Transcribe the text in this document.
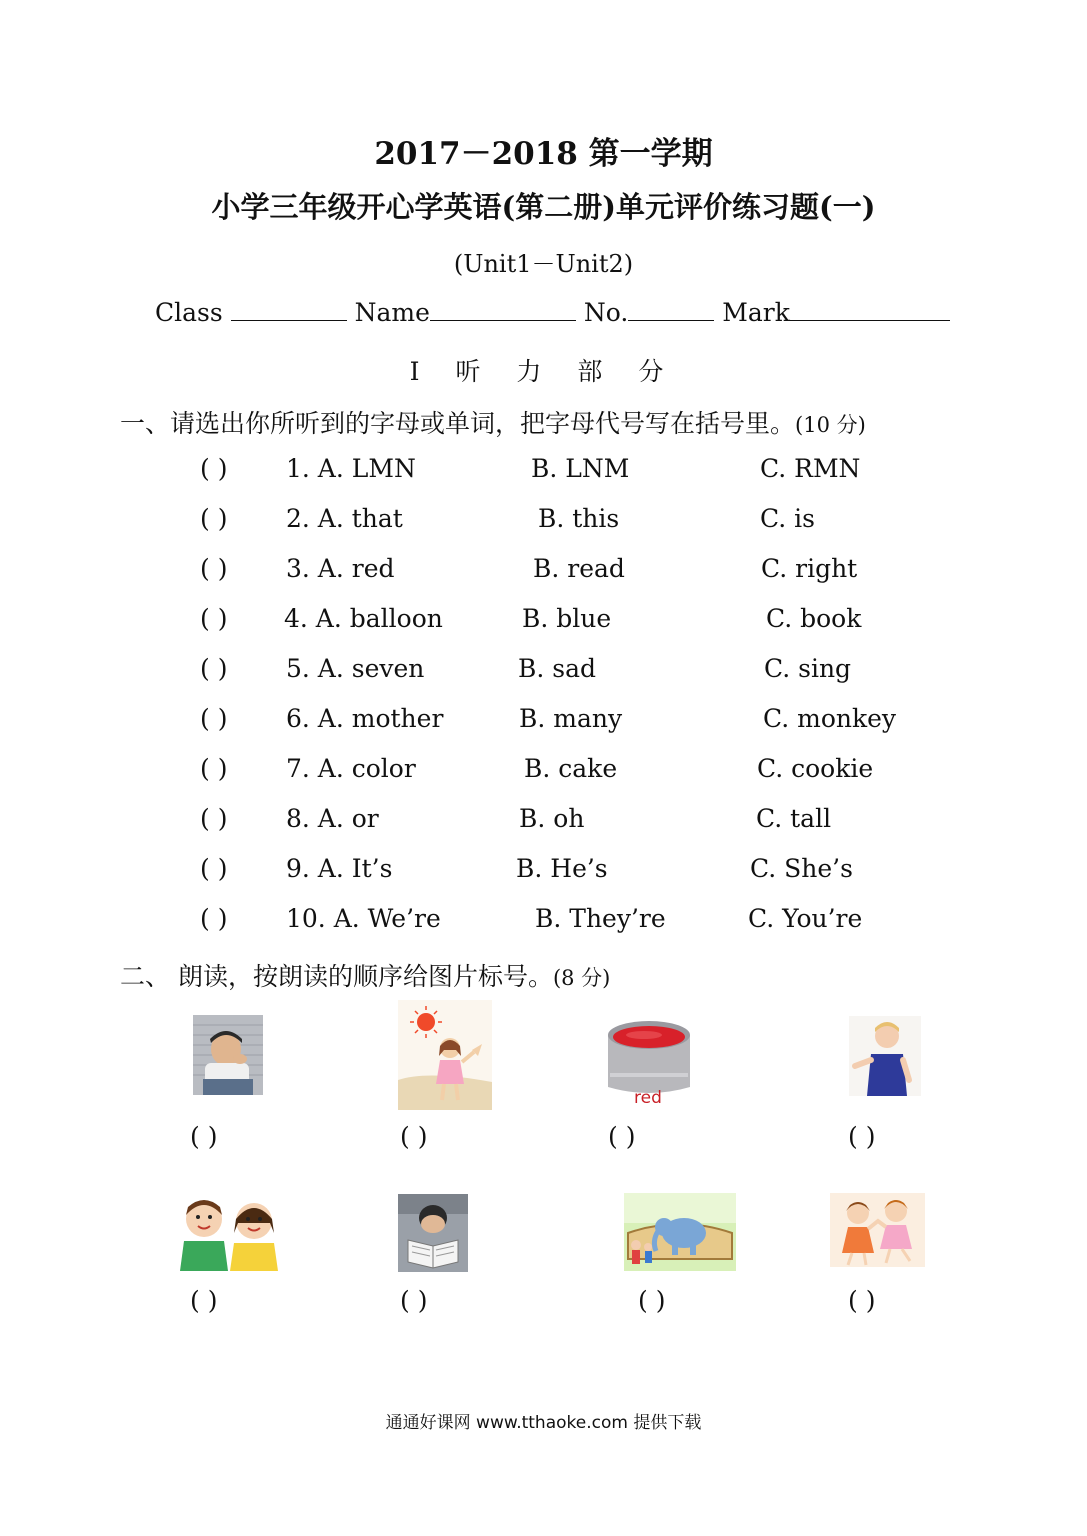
2017－2018 第一学期
小学三年级开心学英语(第二册)单元评价练习题(一)
(Unit1－Unit2)
Class	Name	No.	Mark
I 听 力 部 分
一、请选出你所听到的字母或单词，把字母代号写在括号里。(10 分)
( ) 1. A. LMN	B. LNM	C. RMN
( ) 2. A. that	B. this	C. is
( ) 3. A. red	B. read	C. right
( ) 4. A. balloon	B. blue	C. book
( ) 5. A. seven	B. sad	C. sing
( ) 6. A. mother	B. many	C. monkey
( ) 7. A. color	B. cake	C. cookie
( ) 8. A. or	B. oh	C. tall
( ) 9. A. It’s	B. He’s	C. She’s
( ) 10. A. We’re	B. They’re	C. You’re
二、 朗读，按朗读的顺序给图片标号。(8 分)
red
( )	( )	( )	( )
( )	( )	( )	( )
通通好课网 www.tthaoke.com 提供下载
